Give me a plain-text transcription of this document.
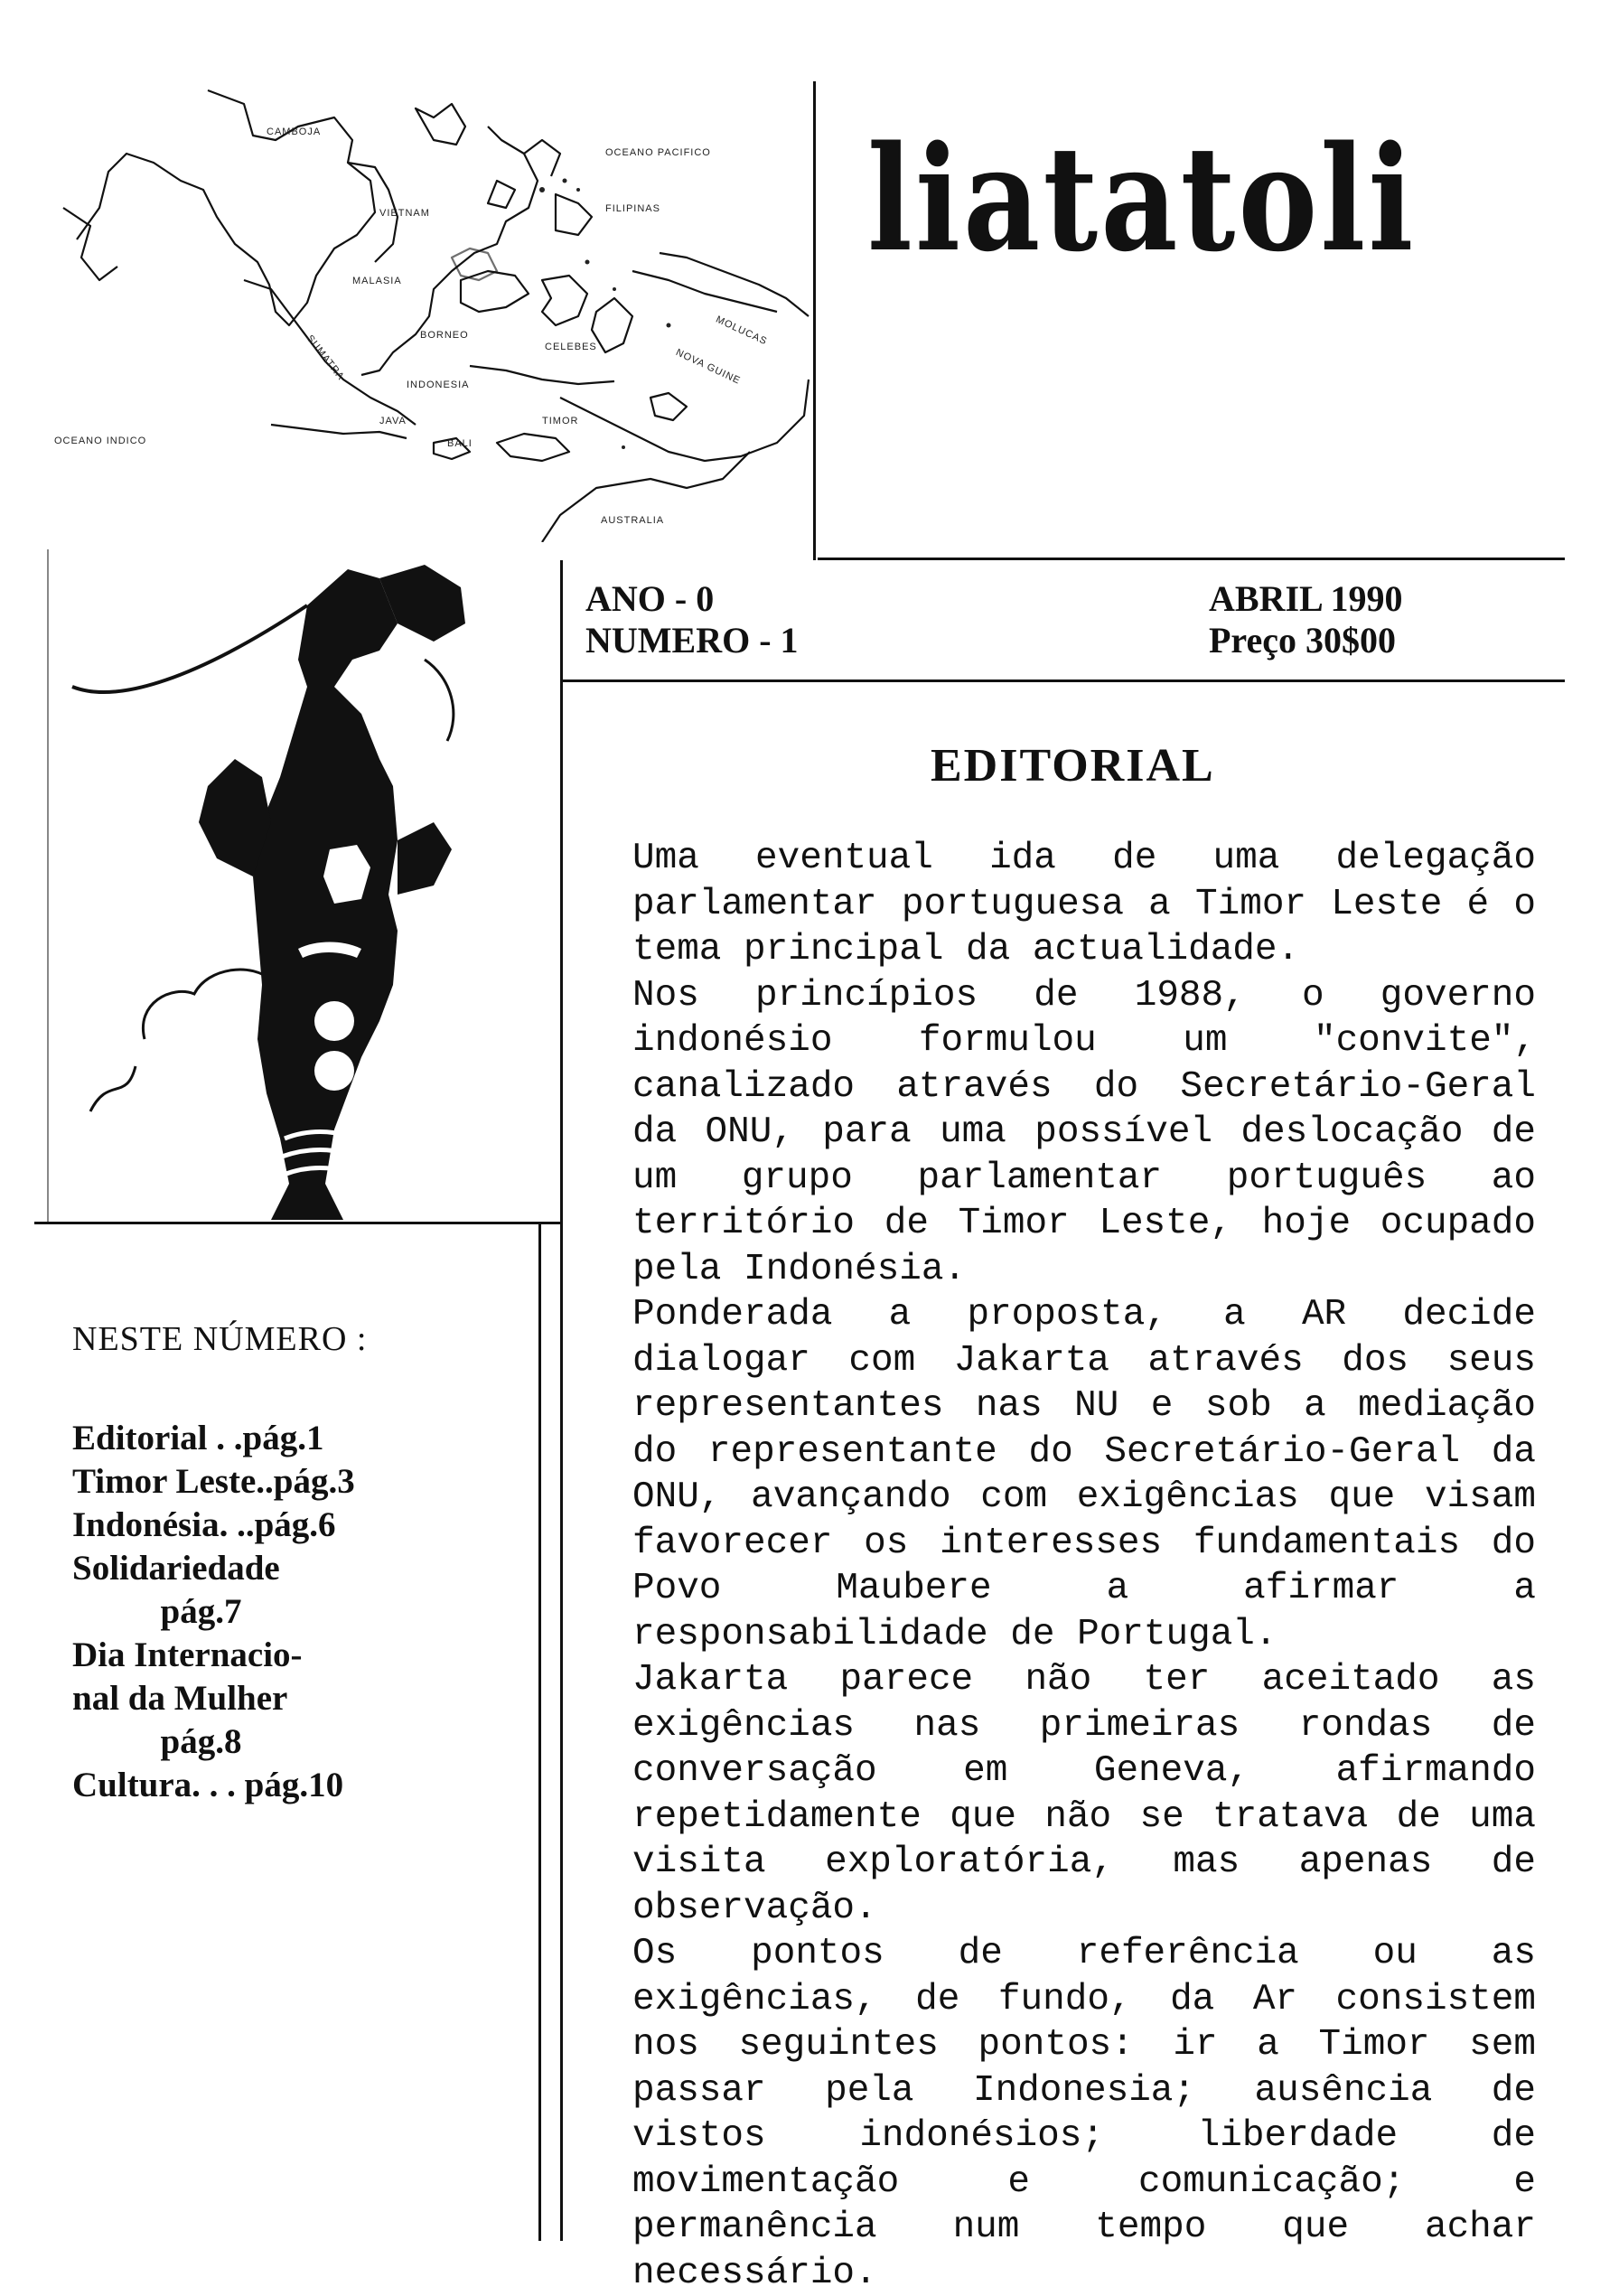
CAMBOJA
OCEANO PACIFICO
VIETNAM	FILIPINAS
MALASIA
SUMATRA	BORNEO
CELEBES	MOLUCAS
NOVA GUINE
INDONESIA
JAVA
BALI
TIMOR
OCEANO INDICO
AUSTRALIA
liatatoli
ANO - 0
NUMERO - 1
ABRIL 1990
Preço 30$00
NESTE NÚMERO :
Editorial . .pág.1
Timor Leste..pág.3
Indonésia. ..pág.6
Solidariedade
pág.7
Dia Internacio-
nal da Mulher
pág.8
Cultura. . . pág.10
EDITORIAL

Uma eventual ida de uma delegação parlamentar portuguesa a Timor Leste é o tema principal da actualidade.

Nos princípios de 1988, o governo indonésio formulou um "convite", canalizado através do Secretário-Geral da ONU, para uma possível deslocação de um grupo parlamentar português ao território de Timor Leste, hoje ocupado pela Indonésia.

Ponderada a proposta, a AR decide dialogar com Jakarta através dos seus representantes nas NU e sob a mediação do representante do Secretário-Geral da ONU, avançando com exigências que visam favorecer os interesses fundamentais do Povo Maubere a afirmar a responsabilidade de Portugal.

Jakarta parece não ter aceitado as exigências nas primeiras rondas de conversação em Geneva, afirmando repetidamente que não se tratava de uma visita exploratória, mas apenas de observação.

Os pontos de referência ou as exigências, de fundo, da Ar consistem nos seguintes pontos: ir a Timor sem passar pela Indonesia; ausência de vistos indonésios; liberdade de movimentação e comunicação; e permanência num tempo que achar necessário.
